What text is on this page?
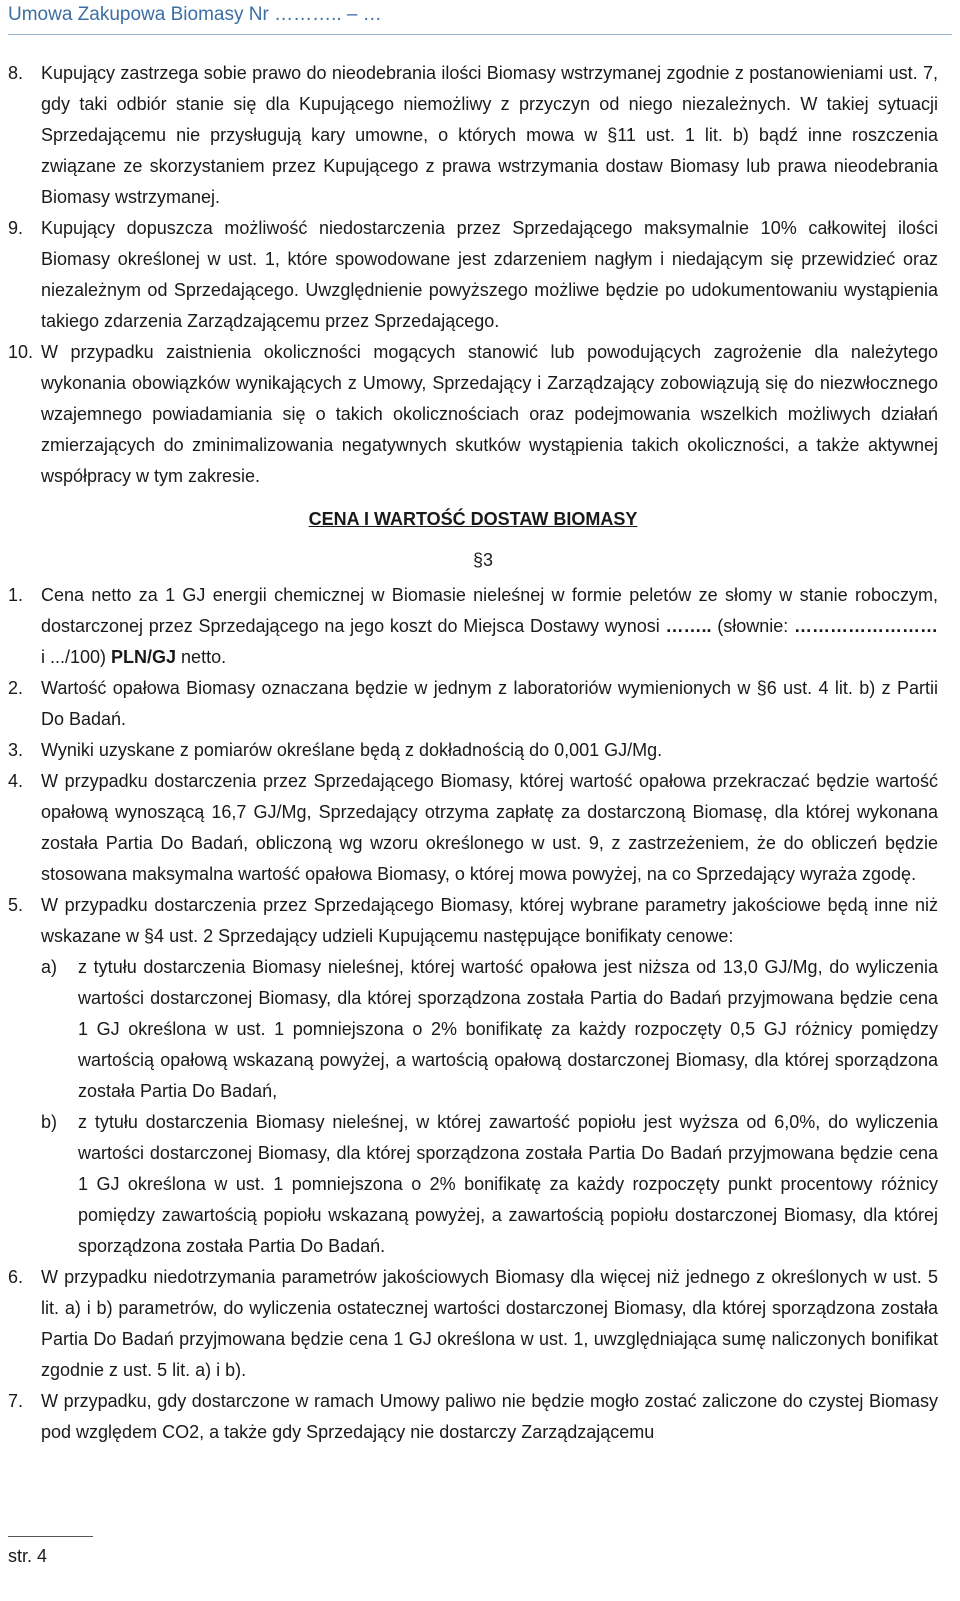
Umowa Zakupowa Biomasy Nr ……….. – …
8. Kupujący zastrzega sobie prawo do nieodebrania ilości Biomasy wstrzymanej zgodnie z postanowieniami ust. 7, gdy taki odbiór stanie się dla Kupującego niemożliwy z przyczyn od niego niezależnych. W takiej sytuacji Sprzedającemu nie przysługują kary umowne, o których mowa w §11 ust. 1 lit. b) bądź inne roszczenia związane ze skorzystaniem przez Kupującego z prawa wstrzymania dostaw Biomasy lub prawa nieodebrania Biomasy wstrzymanej.
9. Kupujący dopuszcza możliwość niedostarczenia przez Sprzedającego maksymalnie 10% całkowitej ilości Biomasy określonej w ust. 1, które spowodowane jest zdarzeniem nagłym i niedającym się przewidzieć oraz niezależnym od Sprzedającego. Uwzględnienie powyższego możliwe będzie po udokumentowaniu wystąpienia takiego zdarzenia Zarządzającemu przez Sprzedającego.
10. W przypadku zaistnienia okoliczności mogących stanowić lub powodujących zagrożenie dla należytego wykonania obowiązków wynikających z Umowy, Sprzedający i Zarządzający zobowiązują się do niezwłocznego wzajemnego powiadamiania się o takich okolicznościach oraz podejmowania wszelkich możliwych działań zmierzających do zminimalizowania negatywnych skutków wystąpienia takich okoliczności, a także aktywnej współpracy w tym zakresie.
CENA I WARTOŚĆ DOSTAW BIOMASY
§3
1. Cena netto za 1 GJ energii chemicznej w Biomasie nieleśnej w formie peletów ze słomy w stanie roboczym, dostarczonej przez Sprzedającego na jego koszt do Miejsca Dostawy wynosi …….. (słownie: …………………… i .../100) PLN/GJ netto.
2. Wartość opałowa Biomasy oznaczana będzie w jednym z laboratoriów wymienionych w §6 ust. 4 lit. b) z Partii Do Badań.
3. Wyniki uzyskane z pomiarów określane będą z dokładnością do 0,001 GJ/Mg.
4. W przypadku dostarczenia przez Sprzedającego Biomasy, której wartość opałowa przekraczać będzie wartość opałową wynoszącą 16,7 GJ/Mg, Sprzedający otrzyma zapłatę za dostarczoną Biomasę, dla której wykonana została Partia Do Badań, obliczoną wg wzoru określonego w ust. 9, z zastrzeżeniem, że do obliczeń będzie stosowana maksymalna wartość opałowa Biomasy, o której mowa powyżej, na co Sprzedający wyraża zgodę.
5. W przypadku dostarczenia przez Sprzedającego Biomasy, której wybrane parametry jakościowe będą inne niż wskazane w §4 ust. 2 Sprzedający udzieli Kupującemu następujące bonifikaty cenowe:
a) z tytułu dostarczenia Biomasy nieleśnej, której wartość opałowa jest niższa od 13,0 GJ/Mg, do wyliczenia wartości dostarczonej Biomasy, dla której sporządzona została Partia do Badań przyjmowana będzie cena 1 GJ określona w ust. 1 pomniejszona o 2% bonifikatę za każdy rozpoczęty 0,5 GJ różnicy pomiędzy wartością opałową wskazaną powyżej, a wartością opałową dostarczonej Biomasy, dla której sporządzona została Partia Do Badań,
b) z tytułu dostarczenia Biomasy nieleśnej, w której zawartość popiołu jest wyższa od 6,0%, do wyliczenia wartości dostarczonej Biomasy, dla której sporządzona została Partia Do Badań przyjmowana będzie cena 1 GJ określona w ust. 1 pomniejszona o 2% bonifikatę za każdy rozpoczęty punkt procentowy różnicy pomiędzy zawartością popiołu wskazaną powyżej, a zawartością popiołu dostarczonej Biomasy, dla której sporządzona została Partia Do Badań.
6. W przypadku niedotrzymania parametrów jakościowych Biomasy dla więcej niż jednego z określonych w ust. 5 lit. a) i b) parametrów, do wyliczenia ostatecznej wartości dostarczonej Biomasy, dla której sporządzona została Partia Do Badań przyjmowana będzie cena 1 GJ określona w ust. 1, uwzględniająca sumę naliczonych bonifikat zgodnie z ust. 5 lit. a) i b).
7. W przypadku, gdy dostarczone w ramach Umowy paliwo nie będzie mogło zostać zaliczone do czystej Biomasy pod względem CO2, a także gdy Sprzedający nie dostarczy Zarządzającemu
str. 4
